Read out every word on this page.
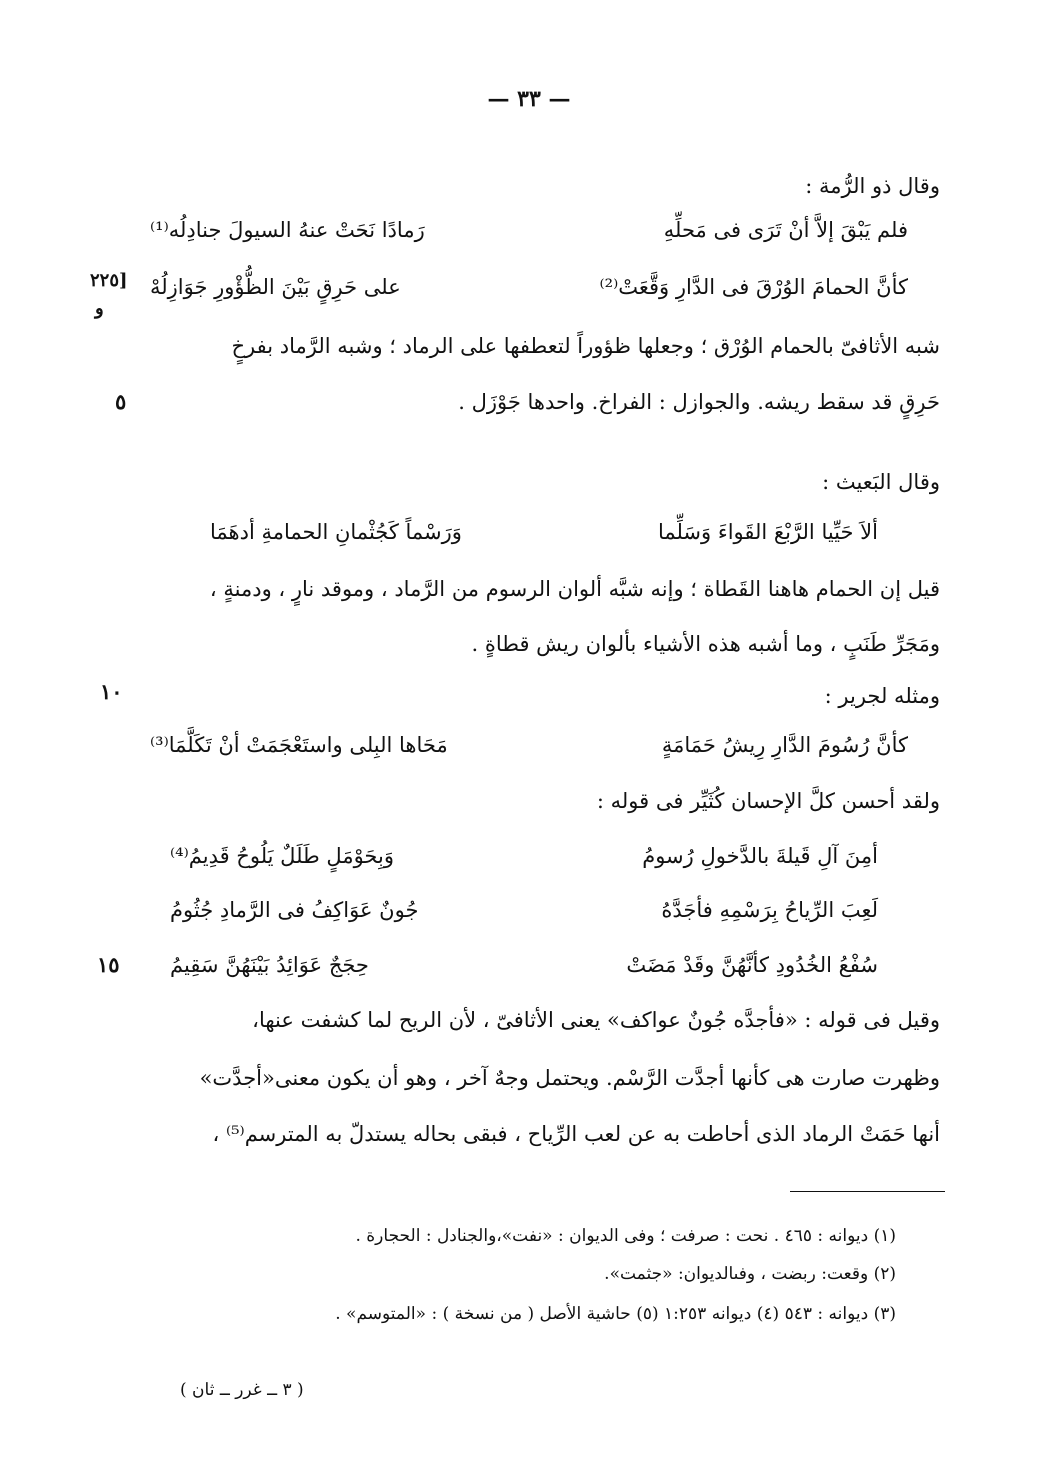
— ٣٣ —
وقال ذو الرُّمة :
فلم يَبْقَ إلاَّ أنْ تَرَى فى مَحلِّهِ
رَمادًا نَحَتْ عنهُ السيولَ جنادِلُه⁽¹⁾
كأنَّ الحمامَ الوُرْقَ فى الدَّارِ وَقَّعَتْ⁽²⁾
على حَرِقٍ بَيْنَ الظُّؤْورِ جَوَازِلُهْ
[٢٢٥
و
شبه الأثافىّ بالحمام الوُرْق ؛ وجعلها ظؤوراً لتعطفها على الرماد ؛ وشبه الرَّماد بفرخٍ
حَرِقٍ قد سقط ريشه. والجوازل : الفراخ. واحدها جَوْزَل .
٥
وقال البَعيث :
ألاَ حَيِّيا الرَّبْعَ القَواءَ وَسَلِّما
وَرَسْماً كَجُثْمانِ الحمامةِ أدهَمَا
قيل إن الحمام هاهنا القَطاة ؛ وإنه شبَّه ألوان الرسوم من الرَّماد ، وموقد نارٍ ، ودمنةٍ ،
ومَجَرِّ طَنَبٍ ، وما أشبه هذه الأشياء بألوان ريش قطاةٍ .
١٠	ومثله لجرير :
كأنَّ رُسُومَ الدَّارِ رِيشُ حَمَامَةٍ
مَحَاها البِلى واستَعْجَمَتْ أنْ تَكَلَّمَا⁽³⁾
ولقد أحسن كلَّ الإحسان كُثَيِّر فى قوله :
أمِنَ آلِ قَيلةَ بالدَّخولِ رُسومُ
وَبِحَوْمَلٍ طَلَلٌ يَلُوحُ قَدِيمُ⁽⁴⁾
لَعِبَ الرِّياحُ بِرَسْمِهِ فأجَدَّهُ
جُونٌ عَوَاكِفُ فى الرَّمادِ جُثُومُ
سُفْعُ الخُدُودِ كأنَّهُنَّ وقَدْ مَضَتْ
حِجَجٌ عَوَائِدُ بَيْنَهُنَّ سَقِيمُ
١٥
وقيل فى قوله : «فأجدَّه جُونٌ عواكف» يعنى الأثافىّ ، لأن الريح لما كشفت عنها،
وظهرت صارت هى كأنها أجدَّت الرَّسْم. ويحتمل وجهٌ آخر ، وهو أن يكون معنى«أجدَّت»
أنها حَمَتْ الرماد الذى أحاطت به عن لعب الرِّياح ، فبقى بحاله يستدلّ به المترسم⁽⁵⁾ ،
(١) ديوانه : ٤٦٥ . نحت : صرفت ؛ وفى الديوان : «نفت»،والجنادل : الحجارة .
(٢) وقعت: ربضت ، وفىالديوان: «جثمت».
(٣) ديوانه : ٥٤٣ (٤) ديوانه ١:٢٥٣ (٥) حاشية الأصل ( من نسخة ) : «المتوسم» .
( ٣ ــ غرر ــ ثان )
